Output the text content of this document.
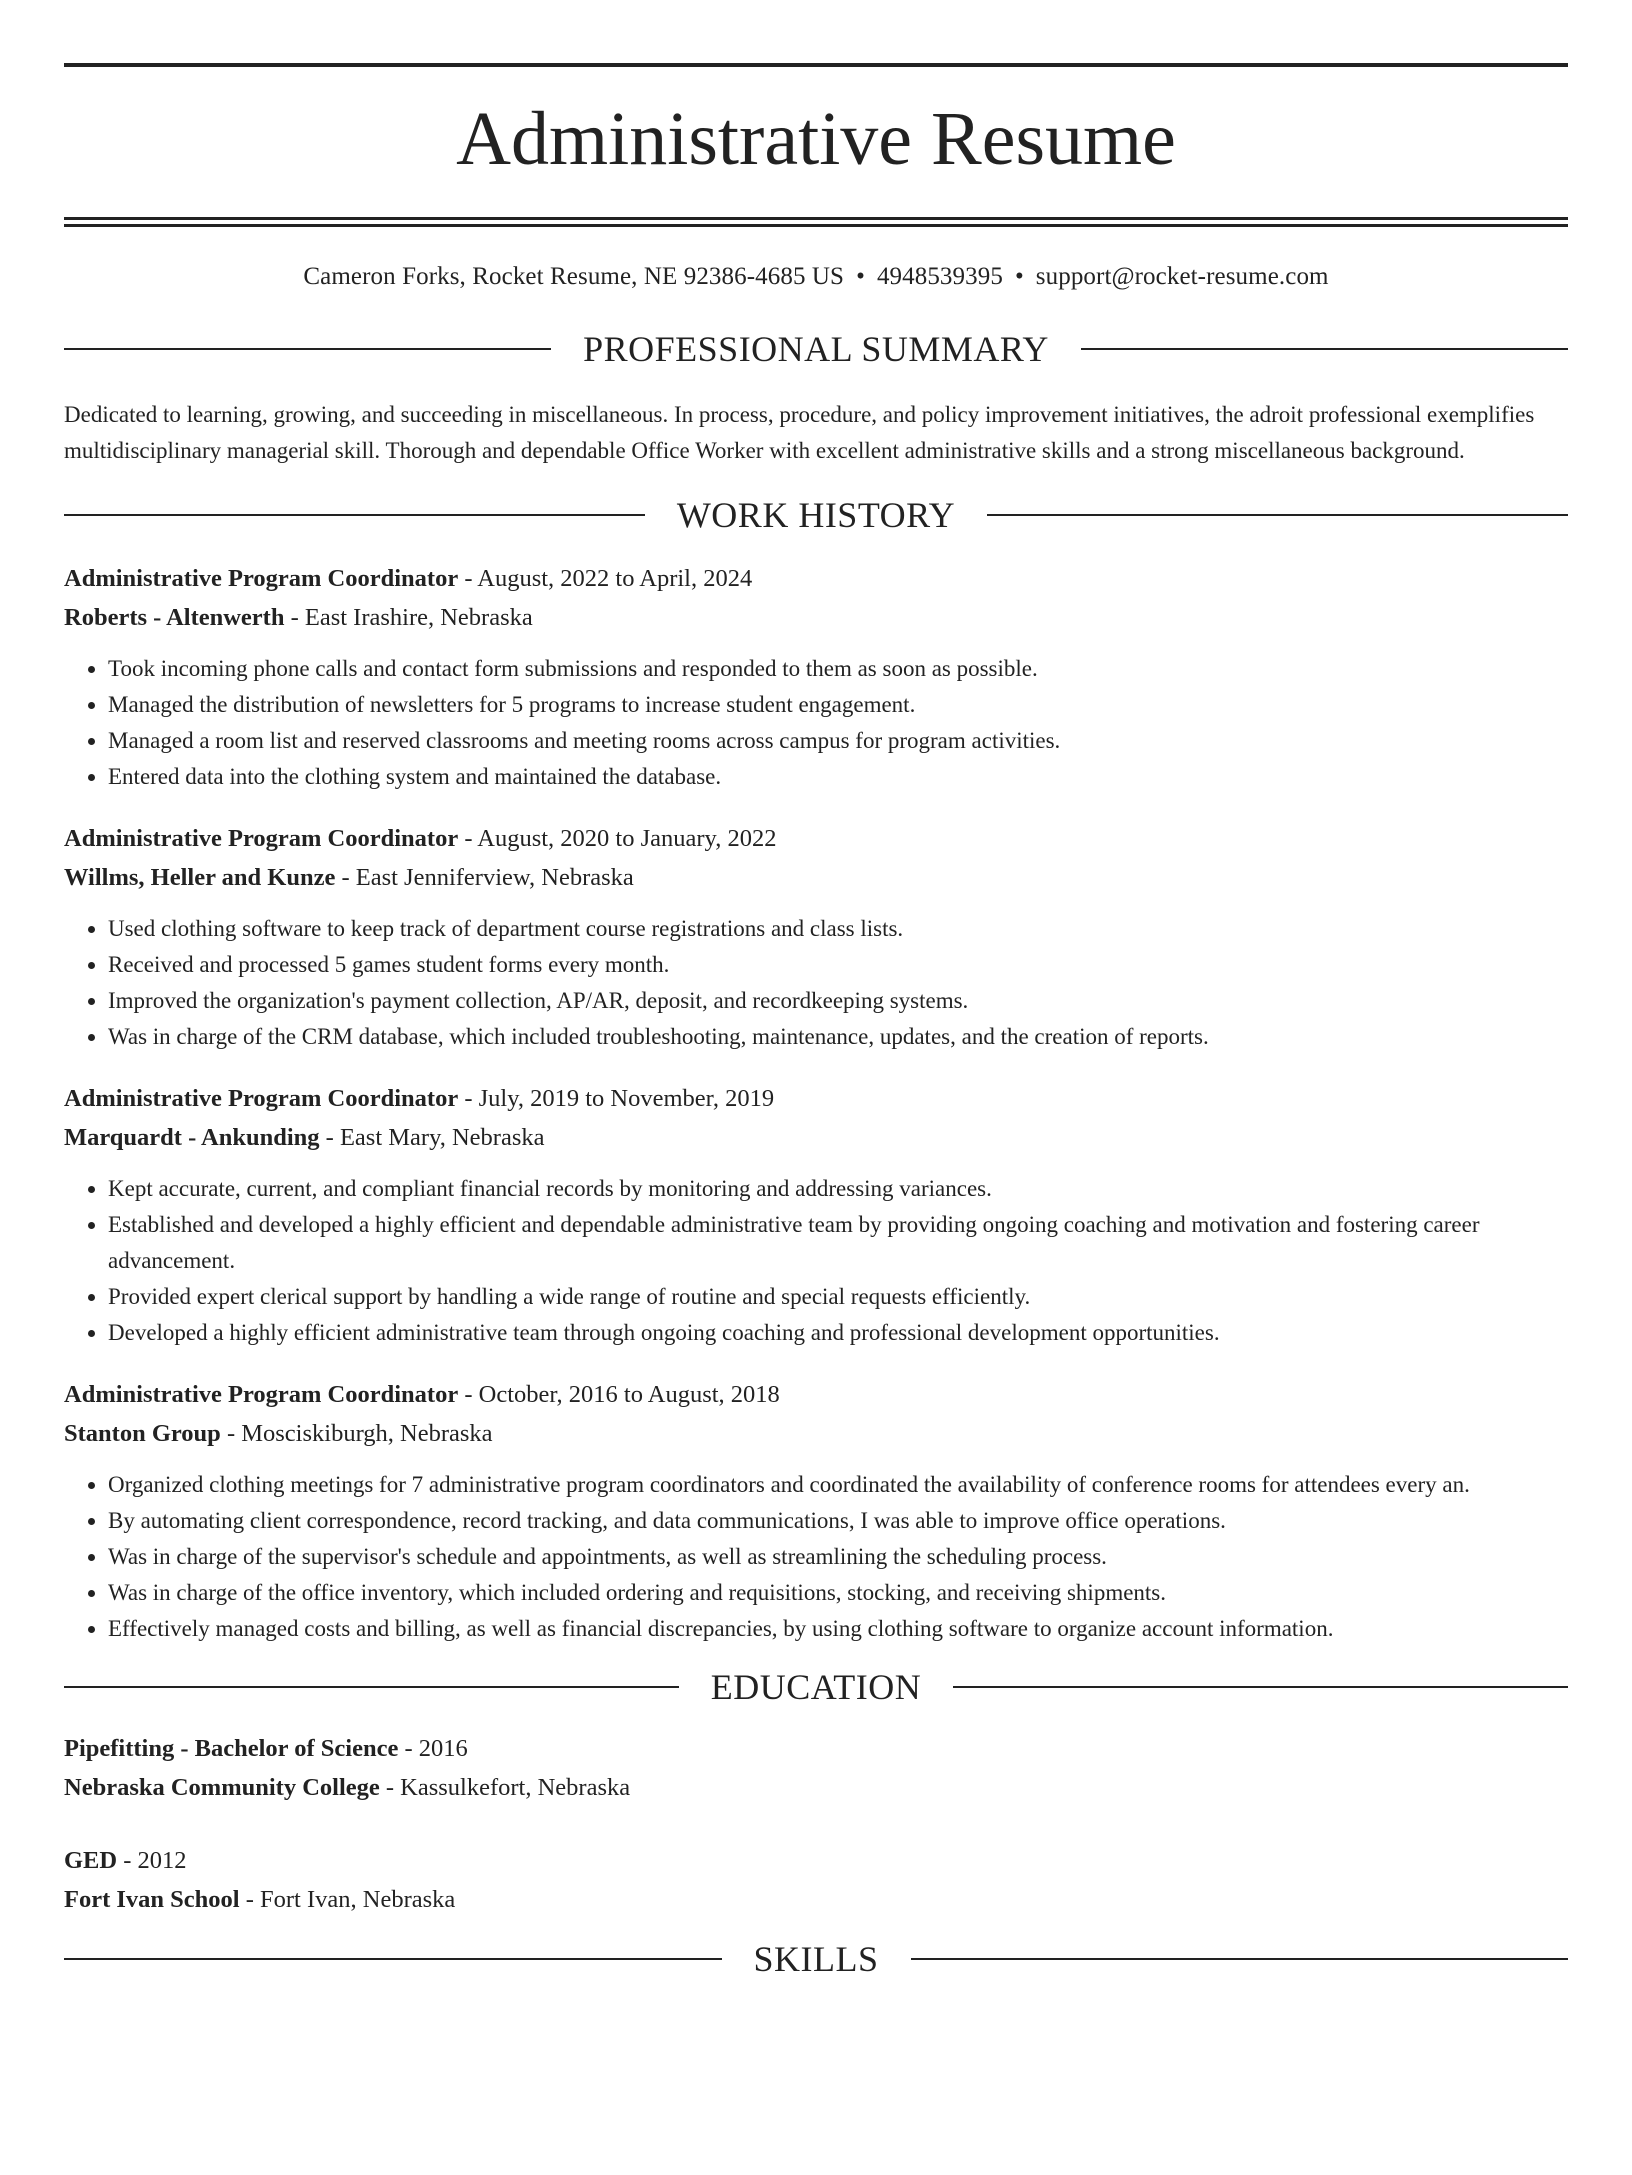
Administrative Resume
Cameron Forks, Rocket Resume, NE 92386-4685 US • 4948539395 • support@rocket-resume.com
PROFESSIONAL SUMMARY
Dedicated to learning, growing, and succeeding in miscellaneous. In process, procedure, and policy improvement initiatives, the adroit professional exemplifies multidisciplinary managerial skill. Thorough and dependable Office Worker with excellent administrative skills and a strong miscellaneous background.
WORK HISTORY
Administrative Program Coordinator - August, 2022 to April, 2024
Roberts - Altenwerth - East Irashire, Nebraska
• Took incoming phone calls and contact form submissions and responded to them as soon as possible.
• Managed the distribution of newsletters for 5 programs to increase student engagement.
• Managed a room list and reserved classrooms and meeting rooms across campus for program activities.
• Entered data into the clothing system and maintained the database.
Administrative Program Coordinator - August, 2020 to January, 2022
Willms, Heller and Kunze - East Jenniferview, Nebraska
• Used clothing software to keep track of department course registrations and class lists.
• Received and processed 5 games student forms every month.
• Improved the organization's payment collection, AP/AR, deposit, and recordkeeping systems.
• Was in charge of the CRM database, which included troubleshooting, maintenance, updates, and the creation of reports.
Administrative Program Coordinator - July, 2019 to November, 2019
Marquardt - Ankunding - East Mary, Nebraska
• Kept accurate, current, and compliant financial records by monitoring and addressing variances.
• Established and developed a highly efficient and dependable administrative team by providing ongoing coaching and motivation and fostering career advancement.
• Provided expert clerical support by handling a wide range of routine and special requests efficiently.
• Developed a highly efficient administrative team through ongoing coaching and professional development opportunities.
Administrative Program Coordinator - October, 2016 to August, 2018
Stanton Group - Mosciskiburgh, Nebraska
• Organized clothing meetings for 7 administrative program coordinators and coordinated the availability of conference rooms for attendees every an.
• By automating client correspondence, record tracking, and data communications, I was able to improve office operations.
• Was in charge of the supervisor's schedule and appointments, as well as streamlining the scheduling process.
• Was in charge of the office inventory, which included ordering and requisitions, stocking, and receiving shipments.
• Effectively managed costs and billing, as well as financial discrepancies, by using clothing software to organize account information.
EDUCATION
Pipefitting - Bachelor of Science - 2016
Nebraska Community College - Kassulkefort, Nebraska
GED - 2012
Fort Ivan School - Fort Ivan, Nebraska
SKILLS
